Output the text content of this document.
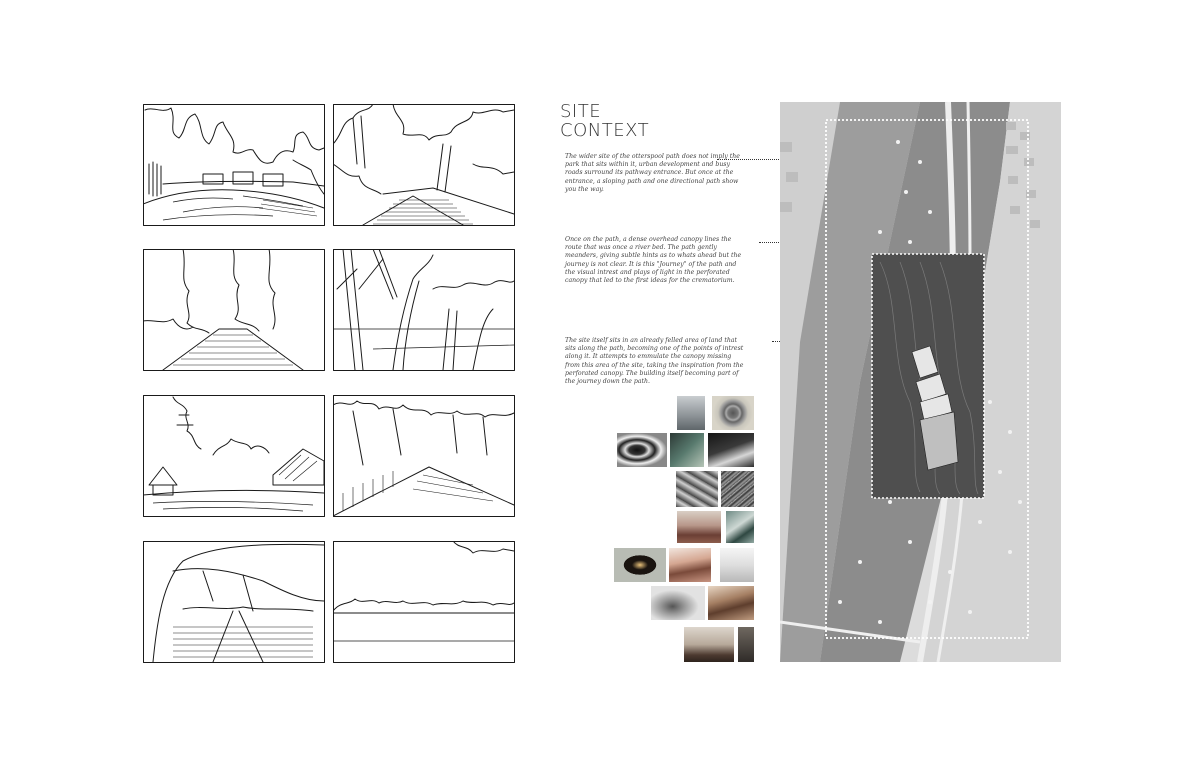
SITE
CONTEXT

The wider site of the otterspool path does not imply the park that sits within it, urban development and busy roads surround its pathway entrance. But once at the entrance, a sloping path and one directional path show you the way.

Once on the path, a dense overhead canopy lines the route that was once a river bed. The path gently meanders, giving subtle hints as to whats ahead but the journey is not clear. It is this "Journey" of the path and the visual intrest and plays of light in the perforated canopy that led to the first ideas for the crematorium.

The site itself sits in an already felled area of land that sits along the path, becoming one of the points of intrest along it. It attempts to emmulate the canopy missing from this area of the site, taking the inspiration from the perforated canopy. The building itself becoming part of the journey down the path.
